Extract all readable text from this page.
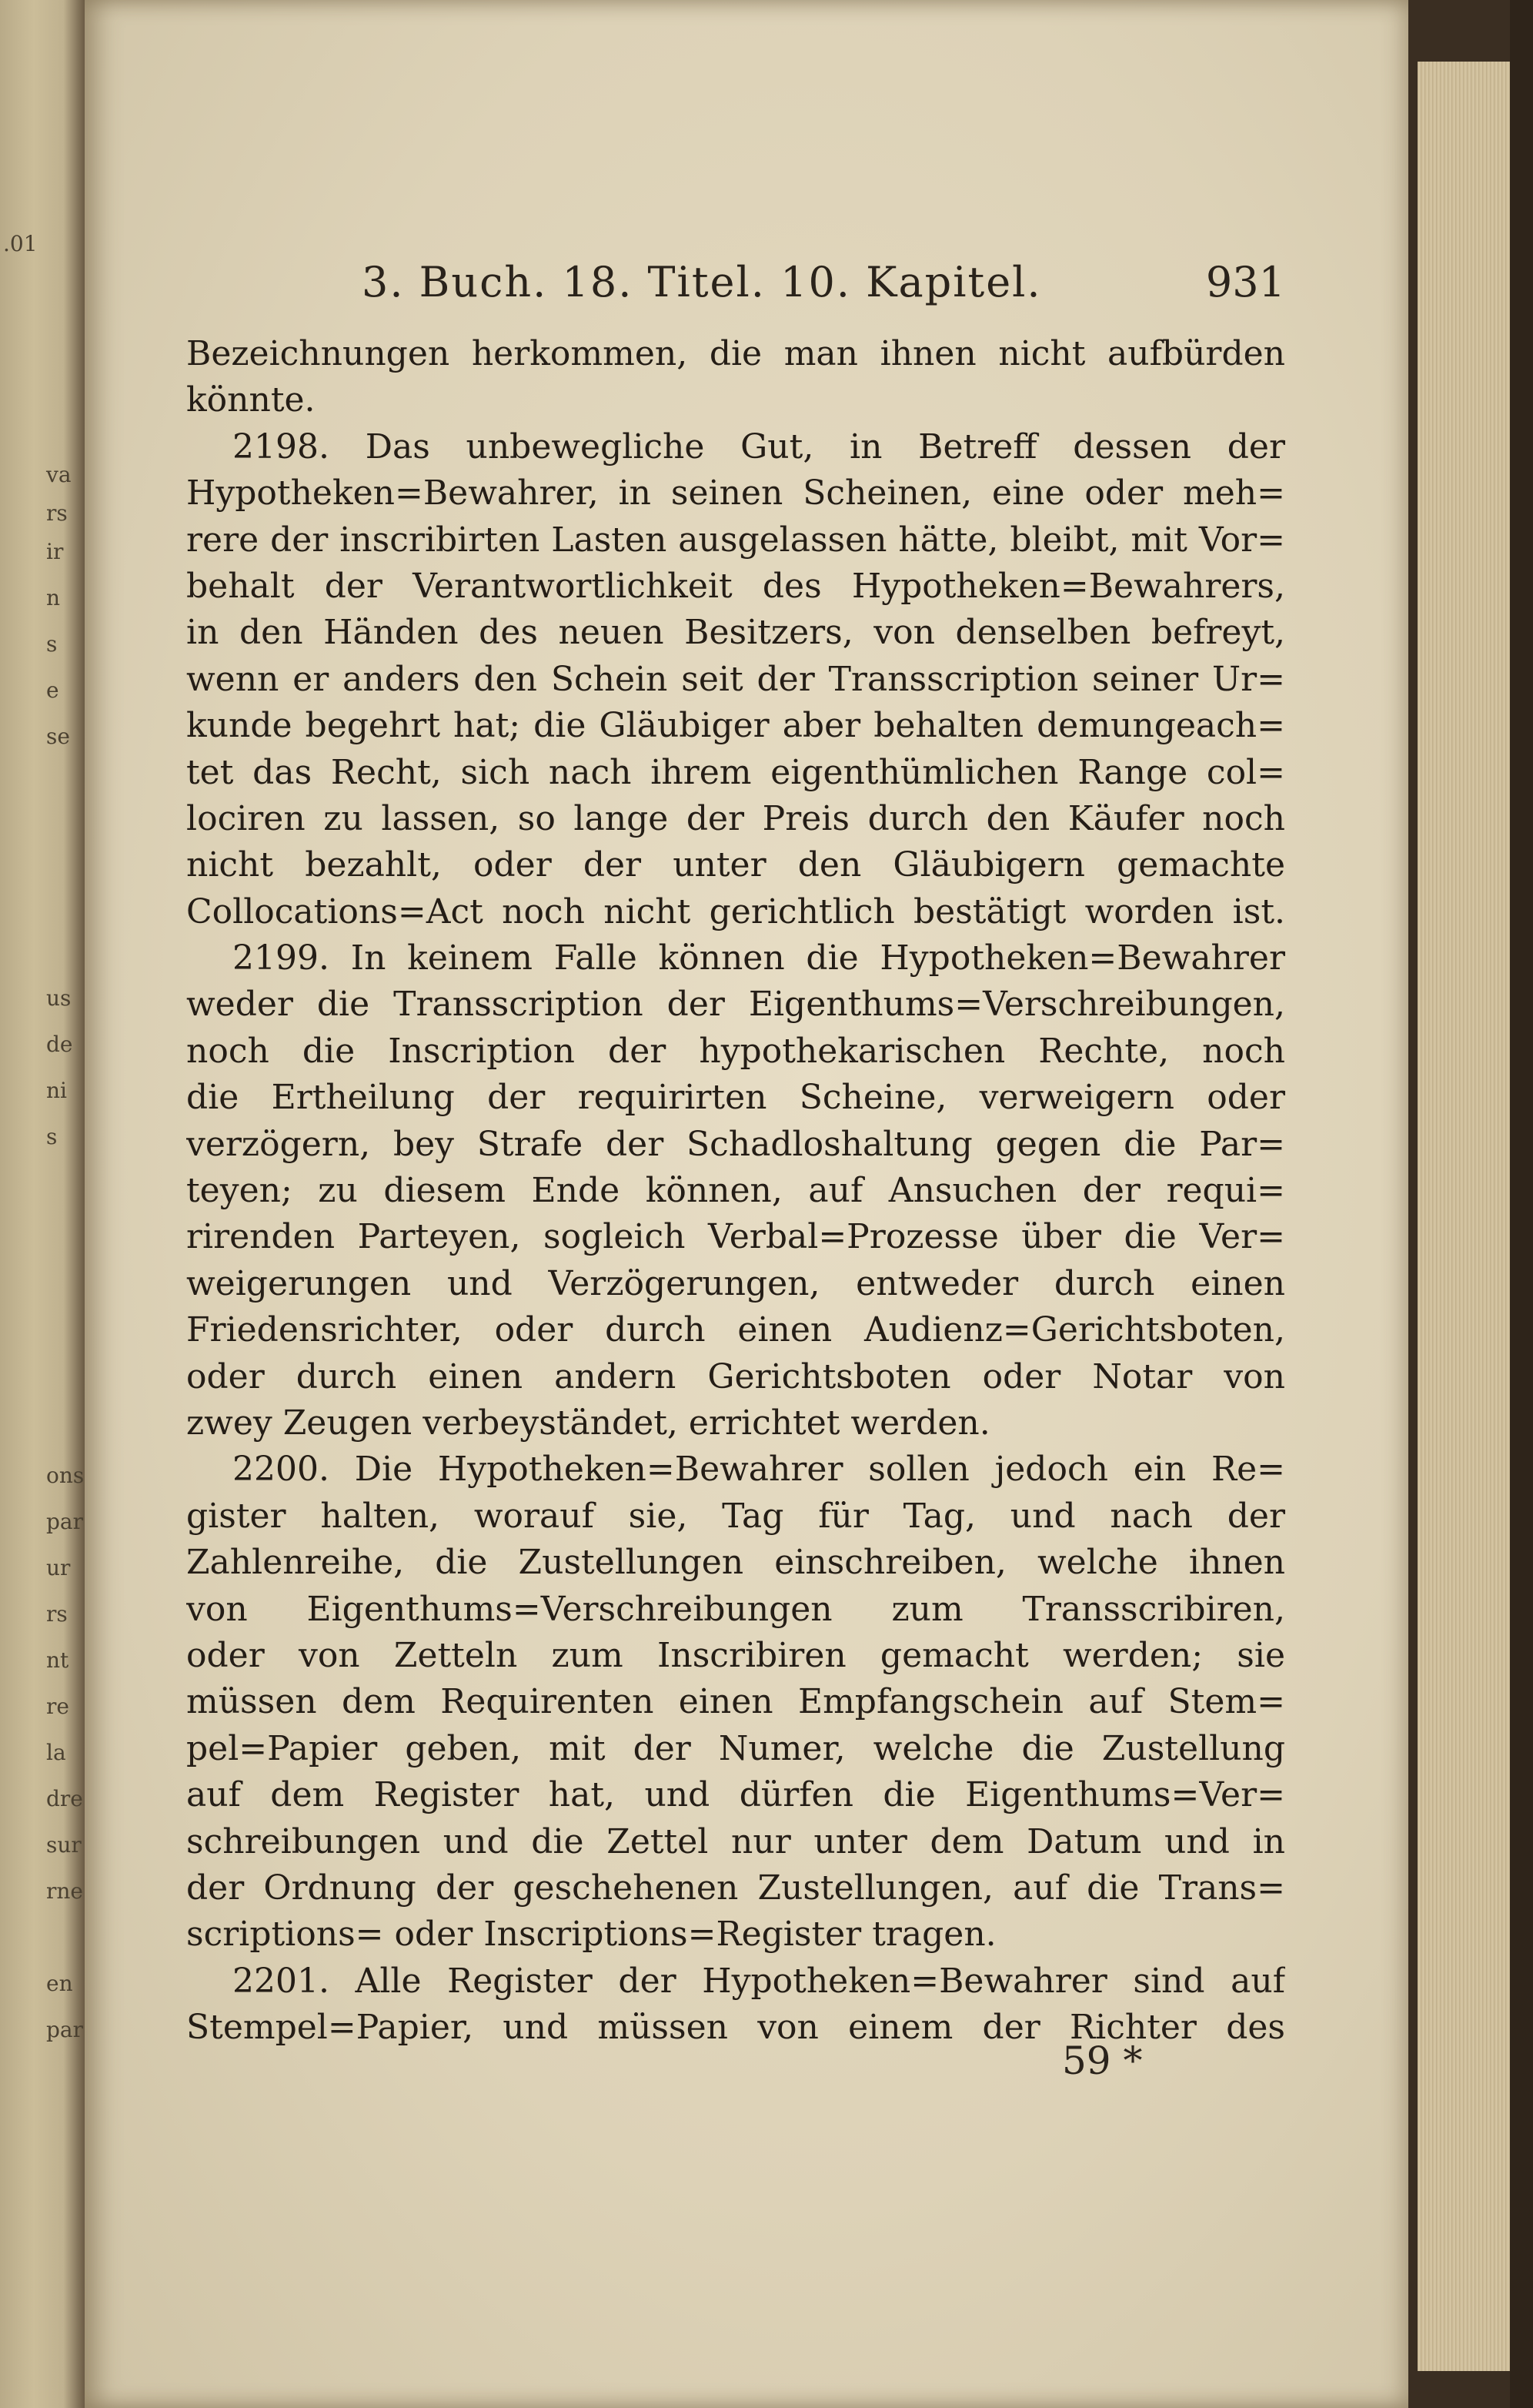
.01
va
rs
ir
n
s
e
se
us
de
ni
s
ons
par
ur
rs
nt
re
la
dre
sur
rne
en
par
3. Buch. 18. Titel. 10. Kapitel.	931
Bezeichnungen herkommen, die man ihnen nicht aufbürden
könnte.
2198. Das unbewegliche Gut, in Betreff dessen der
Hypotheken=Bewahrer, in seinen Scheinen, eine oder meh=
rere der inscribirten Lasten ausgelassen hätte, bleibt, mit Vor=
behalt der Verantwortlichkeit des Hypotheken=Bewahrers,
in den Händen des neuen Besitzers, von denselben befreyt,
wenn er anders den Schein seit der Transscription seiner Ur=
kunde begehrt hat; die Gläubiger aber behalten demungeach=
tet das Recht, sich nach ihrem eigenthümlichen Range col=
lociren zu lassen, so lange der Preis durch den Käufer noch
nicht bezahlt, oder der unter den Gläubigern gemachte
Collocations=Act noch nicht gerichtlich bestätigt worden ist.
2199. In keinem Falle können die Hypotheken=Bewahrer
weder die Transscription der Eigenthums=Verschreibungen,
noch die Inscription der hypothekarischen Rechte, noch
die Ertheilung der requirirten Scheine, verweigern oder
verzögern, bey Strafe der Schadloshaltung gegen die Par=
teyen; zu diesem Ende können, auf Ansuchen der requi=
rirenden Parteyen, sogleich Verbal=Prozesse über die Ver=
weigerungen und Verzögerungen, entweder durch einen
Friedensrichter, oder durch einen Audienz=Gerichtsboten,
oder durch einen andern Gerichtsboten oder Notar von
zwey Zeugen verbeyständet, errichtet werden.
2200. Die Hypotheken=Bewahrer sollen jedoch ein Re=
gister halten, worauf sie, Tag für Tag, und nach der
Zahlenreihe, die Zustellungen einschreiben, welche ihnen
von Eigenthums=Verschreibungen zum Transscribiren,
oder von Zetteln zum Inscribiren gemacht werden; sie
müssen dem Requirenten einen Empfangschein auf Stem=
pel=Papier geben, mit der Numer, welche die Zustellung
auf dem Register hat, und dürfen die Eigenthums=Ver=
schreibungen und die Zettel nur unter dem Datum und in
der Ordnung der geschehenen Zustellungen, auf die Trans=
scriptions= oder Inscriptions=Register tragen.
2201. Alle Register der Hypotheken=Bewahrer sind auf
Stempel=Papier, und müssen von einem der Richter des
59 *
